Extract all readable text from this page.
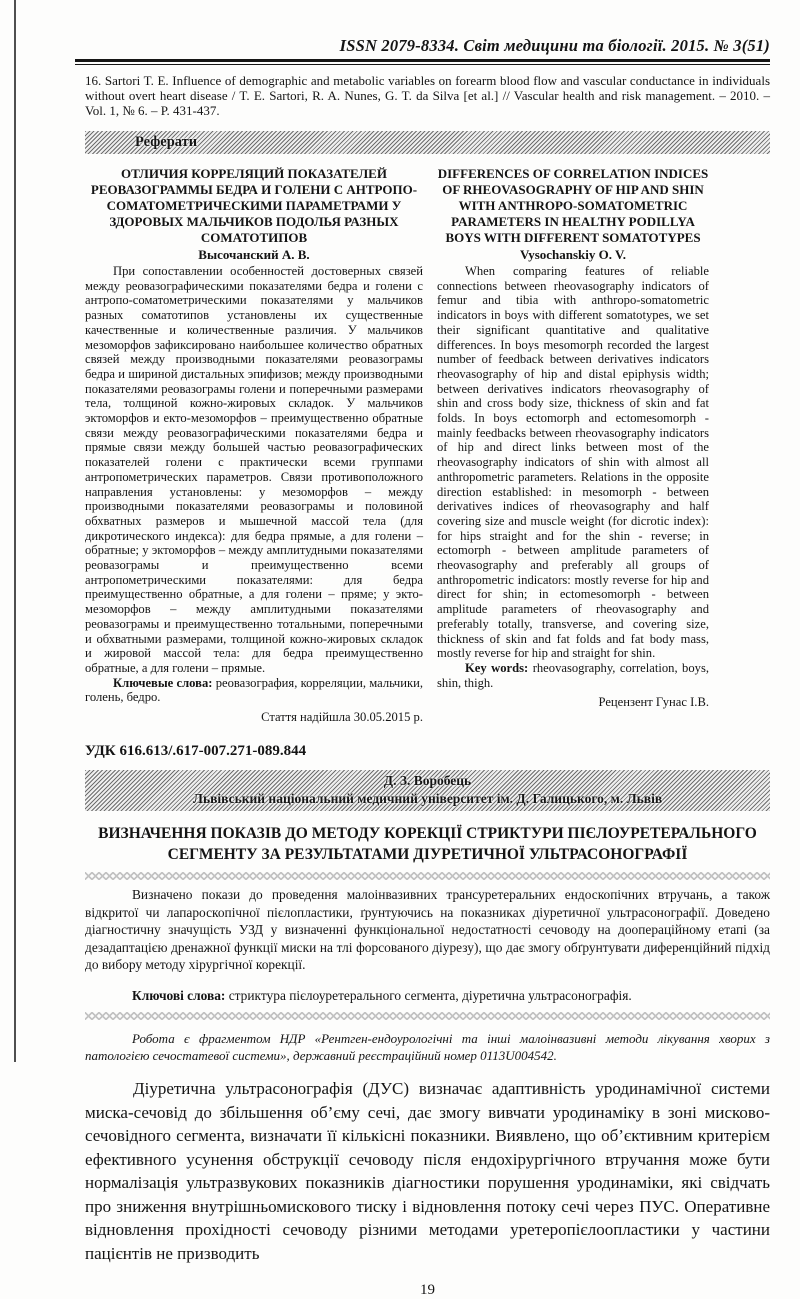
ISSN 2079-8334. Світ медицини та біології. 2015. № 3(51)

16. Sartori T. E. Influence of demographic and metabolic variables on forearm blood flow and vascular conductance in individuals without overt heart disease / T. E. Sartori, R. A. Nunes, G. T. da Silva [et al.] // Vascular health and risk management. – 2010. – Vol. 1, № 6. – P. 431-437.

Реферати
ОТЛИЧИЯ КОРРЕЛЯЦИЙ ПОКАЗАТЕЛЕЙ РЕОВАЗОГРАММЫ БЕДРА И ГОЛЕНИ С АНТРОПО-СОМАТОМЕТРИЧЕСКИМИ ПАРАМЕТРАМИ У ЗДОРОВЫХ МАЛЬЧИКОВ ПОДОЛЬЯ РАЗНЫХ СОМАТОТИПОВ
Высочанский А. В.

При сопоставлении особенностей достоверных связей между реовазографическими показателями бедра и голени с антропо-соматометрическими показателями у мальчиков разных соматотипов установлены их существенные качественные и количественные различия. У мальчиков мезоморфов зафиксировано наибольшее количество обратных связей между производными показателями реовазограмы бедра и шириной дистальных эпифизов; между производными показателями реовазограмы голени и поперечными размерами тела, толщиной кожно-жировых складок. У мальчиков эктоморфов и екто-мезоморфов – преимущественно обратные связи между реовазографическими показателями бедра и прямые связи между большей частью реовазографических показателей голени с практически всеми группами антропометрических параметров. Связи противоположного направления установлены: у мезоморфов – между производными показателями реовазограмы и половиной обхватных размеров и мышечной массой тела (для дикротического индекса): для бедра прямые, а для голени – обратные; у эктоморфов – между амплитудными показателями реовазограмы и преимущественно всеми антропометрическими показателями: для бедра преимущественно обратные, а для голени – пряме; у экто-мезоморфов – между амплитудными показателями реовазограмы и преимущественно тотальными, поперечными и обхватными размерами, толщиной кожно-жировых складок и жировой массой тела: для бедра преимущественно обратные, а для голени – прямые.

Ключевые слова: реовазография, корреляции, мальчики, голень, бедро.

Стаття надійшла 30.05.2015 р.
DIFFERENCES OF CORRELATION INDICES OF RHEOVASOGRAPHY OF HIP AND SHIN WITH ANTHROPO-SOMATOMETRIC PARAMETERS IN HEALTHY PODILLYA BOYS WITH DIFFERENT SOMATOTYPES
Vysochanskiy O. V.

When comparing features of reliable connections between rheovasography indicators of femur and tibia with anthropo-somatometric indicators in boys with different somatotypes, we set their significant quantitative and qualitative differences. In boys mesomorph recorded the largest number of feedback between derivatives indicators rheovasography of hip and distal epiphysis width; between derivatives indicators rheovasography of shin and cross body size, thickness of skin and fat folds. In boys ectomorph and ectomesomorph - mainly feedbacks between rheovasography indicators of hip and direct links between most of the rheovasography indicators of shin with almost all anthropometric parameters. Relations in the opposite direction established: in mesomorph - between derivatives indices of rheovasography and half covering size and muscle weight (for dicrotic index): for hips straight and for the shin - reverse; in ectomorph - between amplitude parameters of rheovasography and preferably all groups of anthropometric indicators: mostly reverse for hip and direct for shin; in ectomesomorph - between amplitude parameters of rheovasography and preferably totally, transverse, and covering size, thickness of skin and fat folds and fat body mass, mostly reverse for hip and straight for shin.

Key words: rheovasography, correlation, boys, shin, thigh.

Рецензент Гунас І.В.
УДК 616.613/.617-007.271-089.844
Д. З. Воробець
Львівський національний медичний університет ім. Д. Галицького, м. Львів
ВИЗНАЧЕННЯ ПОКАЗІВ ДО МЕТОДУ КОРЕКЦІЇ СТРИКТУРИ ПІЄЛОУРЕТЕРАЛЬНОГО СЕГМЕНТУ ЗА РЕЗУЛЬТАТАМИ ДІУРЕТИЧНОЇ УЛЬТРАСОНОГРАФІЇ

Визначено покази до проведення малоінвазивних трансуретеральних ендоскопічних втручань, а також відкритої чи лапароскопічної пієлопластики, ґрунтуючись на показниках діуретичної ультрасонографії. Доведено діагностичну значущість УЗД у визначенні функціональної недостатності сечоводу на доопераційному етапі (за дезадаптацією дренажної функції миски на тлі форсованого діурезу), що дає змогу обґрунтувати диференційний підхід до вибору методу хірургічної корекції.

Ключові слова: стриктура пієлоуретерального сегмента, діуретична ультрасонографія.

Робота є фрагментом НДР «Рентген-ендоурологічні та інші малоінвазивні методи лікування хворих з патологією сечостатевої системи», державний реєстраційний номер 0113U004542.

Діуретична ультрасонографія (ДУС) визначає адаптивність уродинамічної системи миска-сечовід до збільшення об’єму сечі, дає змогу вивчати уродинаміку в зоні мисково-сечовідного сегмента, визначати її кількісні показники. Виявлено, що об’єктивним критерієм ефективного усунення обструкції сечоводу після ендохірургічного втручання може бути нормалізація ультразвукових показників діагностики порушення уродинаміки, які свідчать про зниження внутрішньомискового тиску і відновлення потоку сечі через ПУС. Оперативне відновлення прохідності сечоводу різними методами уретеропієлоопластики у частини пацієнтів не призводить

19
